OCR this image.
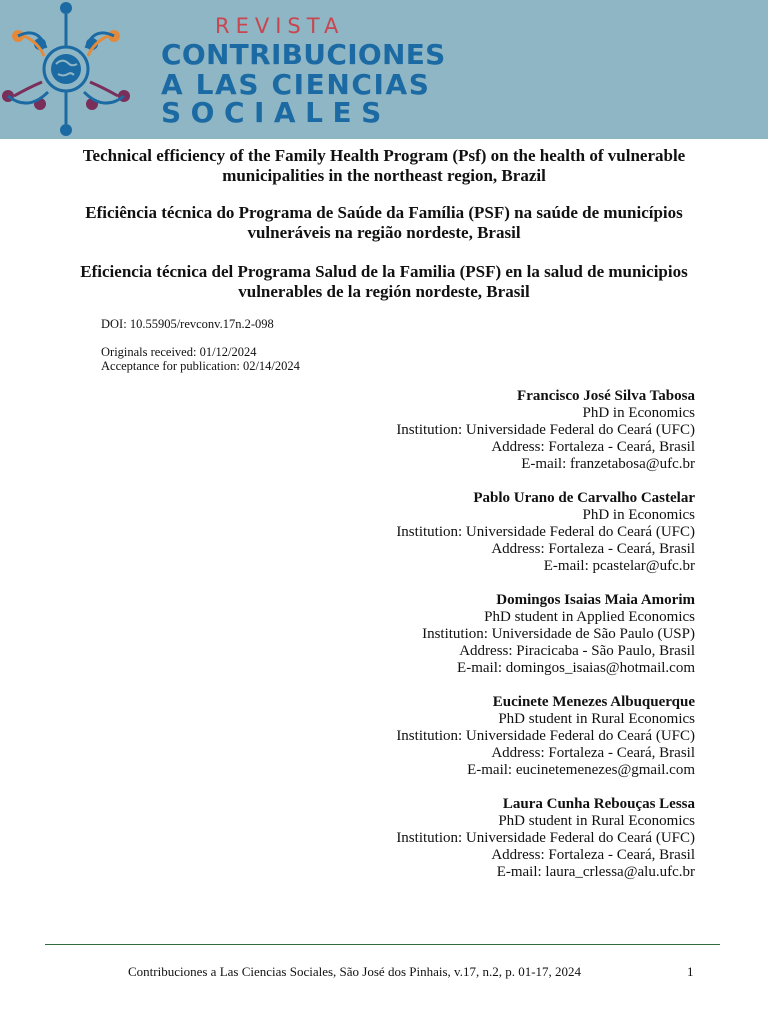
REVISTA
CONTRIBUCIONES
A LAS CIENCIAS
SOCIALES
Technical efficiency of the Family Health Program (Psf) on the health of vulnerable municipalities in the northeast region, Brazil
Eficiência técnica do Programa de Saúde da Família (PSF) na saúde de municípios vulneráveis na região nordeste, Brasil
Eficiencia técnica del Programa Salud de la Familia (PSF) en la salud de municipios vulnerables de la región nordeste, Brasil
DOI: 10.55905/revconv.17n.2-098
Originals received: 01/12/2024
Acceptance for publication: 02/14/2024
Francisco José Silva Tabosa
PhD in Economics
Institution: Universidade Federal do Ceará (UFC)
Address: Fortaleza - Ceará, Brasil
E-mail: franzetabosa@ufc.br
Pablo Urano de Carvalho Castelar
PhD in Economics
Institution: Universidade Federal do Ceará (UFC)
Address: Fortaleza - Ceará, Brasil
E-mail: pcastelar@ufc.br
Domingos Isaias Maia Amorim
PhD student in Applied Economics
Institution: Universidade de São Paulo (USP)
Address: Piracicaba - São Paulo, Brasil
E-mail: domingos_isaias@hotmail.com
Eucinete Menezes Albuquerque
PhD student in Rural Economics
Institution: Universidade Federal do Ceará (UFC)
Address: Fortaleza - Ceará, Brasil
E-mail: eucinetemenezes@gmail.com
Laura Cunha Rebouças Lessa
PhD student in Rural Economics
Institution: Universidade Federal do Ceará (UFC)
Address: Fortaleza - Ceará, Brasil
E-mail: laura_crlessa@alu.ufc.br
Contribuciones a Las Ciencias Sociales, São José dos Pinhais, v.17, n.2, p. 01-17, 2024	1
